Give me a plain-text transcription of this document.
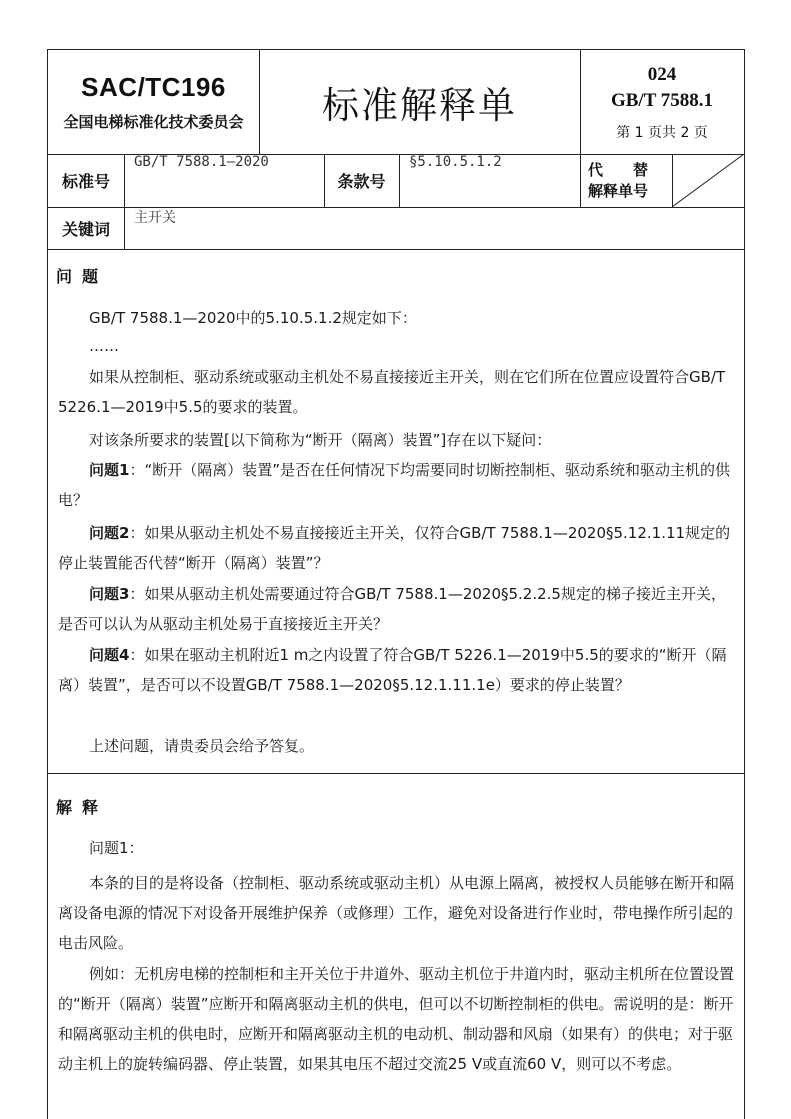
SAC/TC196
全国电梯标准化技术委员会 标准解释单
024
GB/T 7588.1
第 1 页共 2 页
标准号
GB/T 7588.1—2020
条款号
§5.10.5.1.2	代　　替
解释单号
关键词
主开关
问题

GB/T 7588.1—2020中的5.10.5.1.2规定如下：

……

如果从控制柜、驱动系统或驱动主机处不易直接接近主开关，则在它们所在位置应设置符合GB/T 5226.1—2019中5.5的要求的装置。

对该条所要求的装置[以下简称为“断开（隔离）装置”]存在以下疑问：

问题1：“断开（隔离）装置”是否在任何情况下均需要同时切断控制柜、驱动系统和驱动主机的供电？

问题2：如果从驱动主机处不易直接接近主开关，仅符合GB/T 7588.1—2020§5.12.1.11规定的停止装置能否代替“断开（隔离）装置”？

问题3：如果从驱动主机处需要通过符合GB/T 7588.1—2020§5.2.2.5规定的梯子接近主开关，是否可以认为从驱动主机处易于直接接近主开关？

问题4：如果在驱动主机附近1 m之内设置了符合GB/T 5226.1—2019中5.5的要求的“断开（隔离）装置”，是否可以不设置GB/T 7588.1—2020§5.12.1.11.1e）要求的停止装置？

上述问题，请贵委员会给予答复。

解释

问题1：

本条的目的是将设备（控制柜、驱动系统或驱动主机）从电源上隔离，被授权人员能够在断开和隔离设备电源的情况下对设备开展维护保养（或修理）工作，避免对设备进行作业时，带电操作所引起的电击风险。

例如：无机房电梯的控制柜和主开关位于井道外、驱动主机位于井道内时，驱动主机所在位置设置的“断开（隔离）装置”应断开和隔离驱动主机的供电，但可以不切断控制柜的供电。需说明的是：断开和隔离驱动主机的供电时，应断开和隔离驱动主机的电动机、制动器和风扇（如果有）的供电；对于驱动主机上的旋转编码器、停止装置，如果其电压不超过交流25 V或直流60 V，则可以不考虑。
